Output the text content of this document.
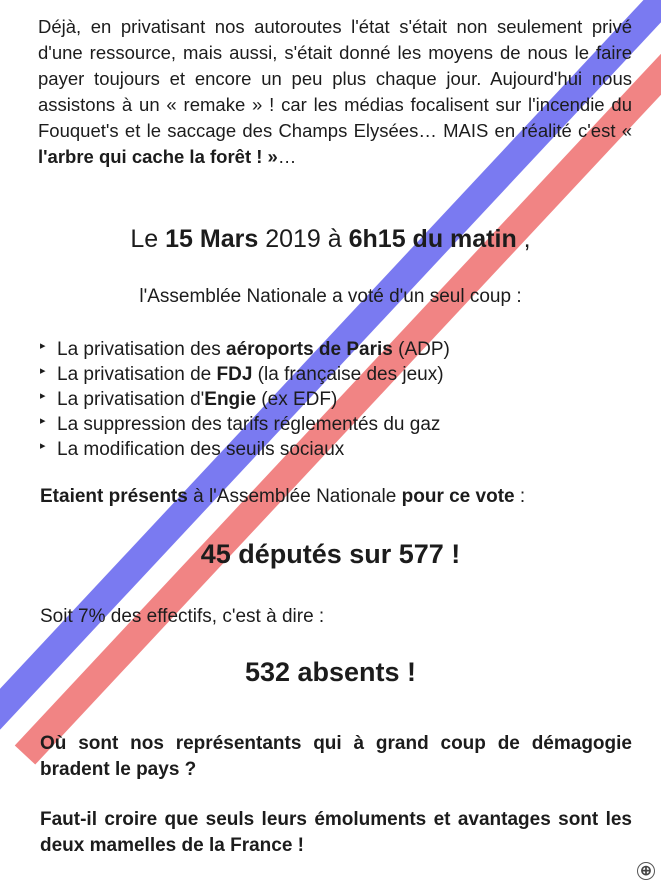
Déjà, en privatisant nos autoroutes l'état s'était non seulement privé d'une ressource, mais aussi, s'était donné les moyens de nous le faire payer toujours et encore un peu plus chaque jour. Aujourd'hui nous assistons à un « remake » ! car les médias focalisent sur l'incendie du Fouquet's et le saccage des Champs Elysées… MAIS en réalité c'est « l'arbre qui cache la forêt ! »…

Le 15 Mars 2019 à 6h15 du matin ,
l'Assemblée Nationale a voté d'un seul coup :
▸ La privatisation des aéroports de Paris (ADP)
▸ La privatisation de FDJ (la française des jeux)
▸ La privatisation d'Engie (ex EDF)
▸ La suppression des tarifs réglementés du gaz
▸ La modification des seuils sociaux
Etaient présents à l'Assemblée Nationale pour ce vote :
45 députés sur 577 !
Soit 7% des effectifs, c'est à dire :
532 absents !

Où sont nos représentants qui à grand coup de démagogie bradent le pays ?

Faut-il croire que seuls leurs émoluments et avantages sont les deux mamelles de la France !

⊕
